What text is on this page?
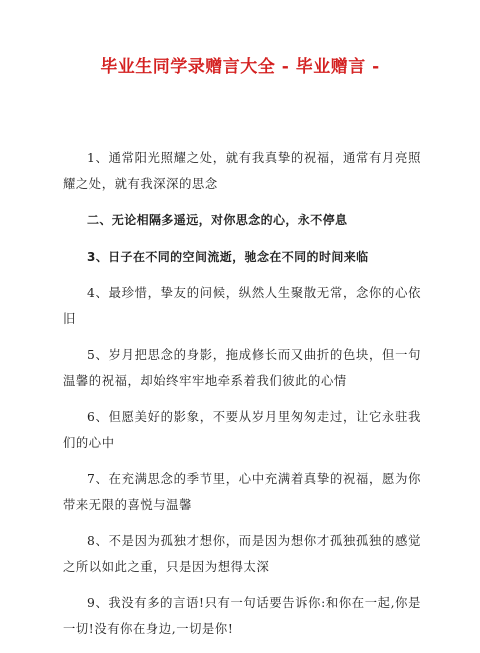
毕业生同学录赠言大全 - 毕业赠言 -

1、通常阳光照耀之处，就有我真挚的祝福，通常有月亮照耀之处，就有我深深的思念

二、无论相隔多遥远，对你思念的心，永不停息

3、日子在不同的空间流逝，驰念在不同的时间来临

4、最珍惜，挚友的问候，纵然人生聚散无常，念你的心依旧

5、岁月把思念的身影，拖成修长而又曲折的色块，但一句温馨的祝福，却始终牢牢地牵系着我们彼此的心情

6、但愿美好的影象，不要从岁月里匆匆走过，让它永驻我们的心中

7、在充满思念的季节里，心中充满着真挚的祝福，愿为你带来无限的喜悦与温馨

8、不是因为孤独才想你，而是因为想你才孤独孤独的感觉之所以如此之重，只是因为想得太深

9、我没有多的言语!只有一句话要告诉你:和你在一起,你是一切!没有你在身边,一切是你!
